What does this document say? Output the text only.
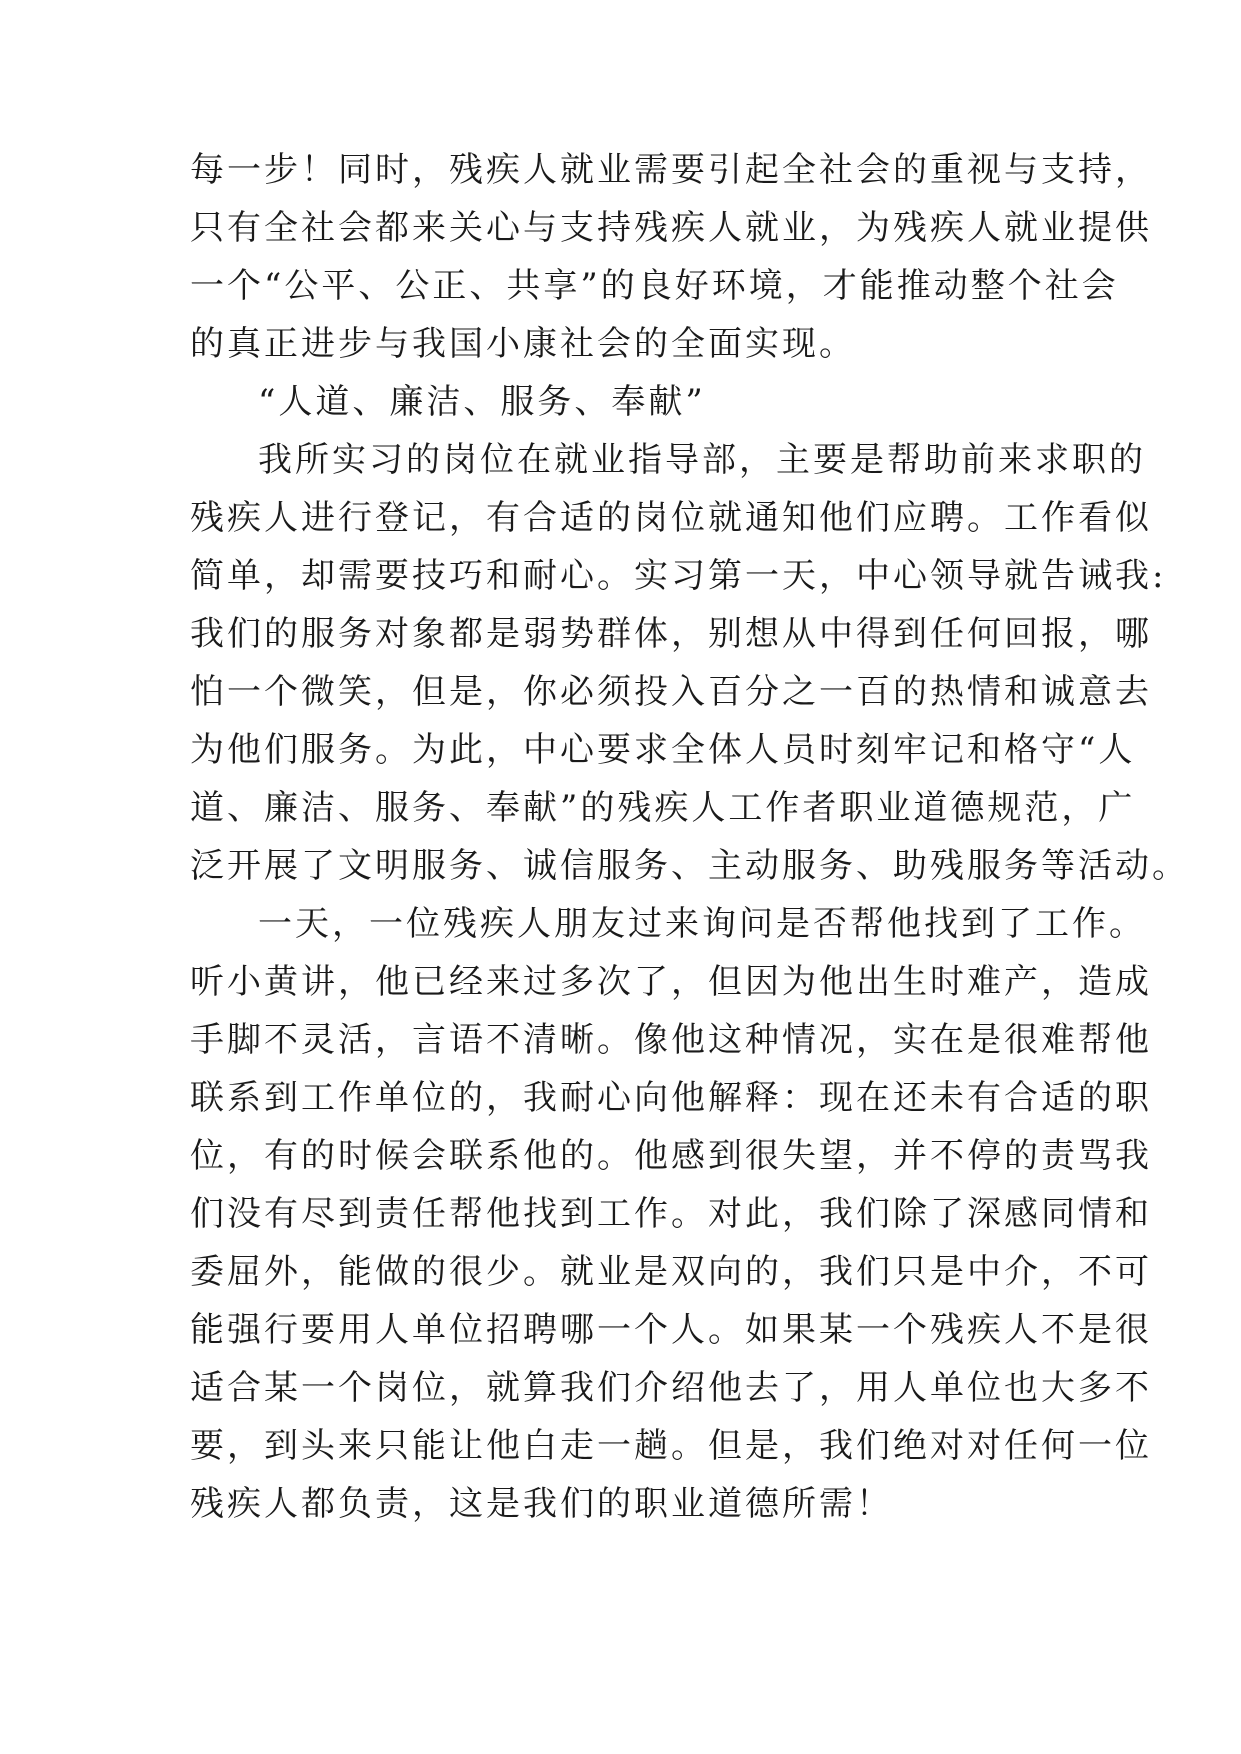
每一步！同时，残疾人就业需要引起全社会的重视与支持，
只有全社会都来关心与支持残疾人就业，为残疾人就业提供
一个“公平、公正、共享”的良好环境，才能推动整个社会
的真正进步与我国小康社会的全面实现。
“人道、廉洁、服务、奉献”
我所实习的岗位在就业指导部，主要是帮助前来求职的
残疾人进行登记，有合适的岗位就通知他们应聘。工作看似
简单，却需要技巧和耐心。实习第一天，中心领导就告诫我:
我们的服务对象都是弱势群体，别想从中得到任何回报，哪
怕一个微笑，但是，你必须投入百分之一百的热情和诚意去
为他们服务。为此，中心要求全体人员时刻牢记和格守“人
道、廉洁、服务、奉献”的残疾人工作者职业道德规范，广
泛开展了文明服务、诚信服务、主动服务、助残服务等活动。
一天，一位残疾人朋友过来询问是否帮他找到了工作。
听小黄讲，他已经来过多次了，但因为他出生时难产，造成
手脚不灵活，言语不清晰。像他这种情况，实在是很难帮他
联系到工作单位的，我耐心向他解释：现在还未有合适的职
位，有的时候会联系他的。他感到很失望，并不停的责骂我
们没有尽到责任帮他找到工作。对此，我们除了深感同情和
委屈外，能做的很少。就业是双向的，我们只是中介，不可
能强行要用人单位招聘哪一个人。如果某一个残疾人不是很
适合某一个岗位，就算我们介绍他去了，用人单位也大多不
要，到头来只能让他白走一趟。但是，我们绝对对任何一位
残疾人都负责，这是我们的职业道德所需！
